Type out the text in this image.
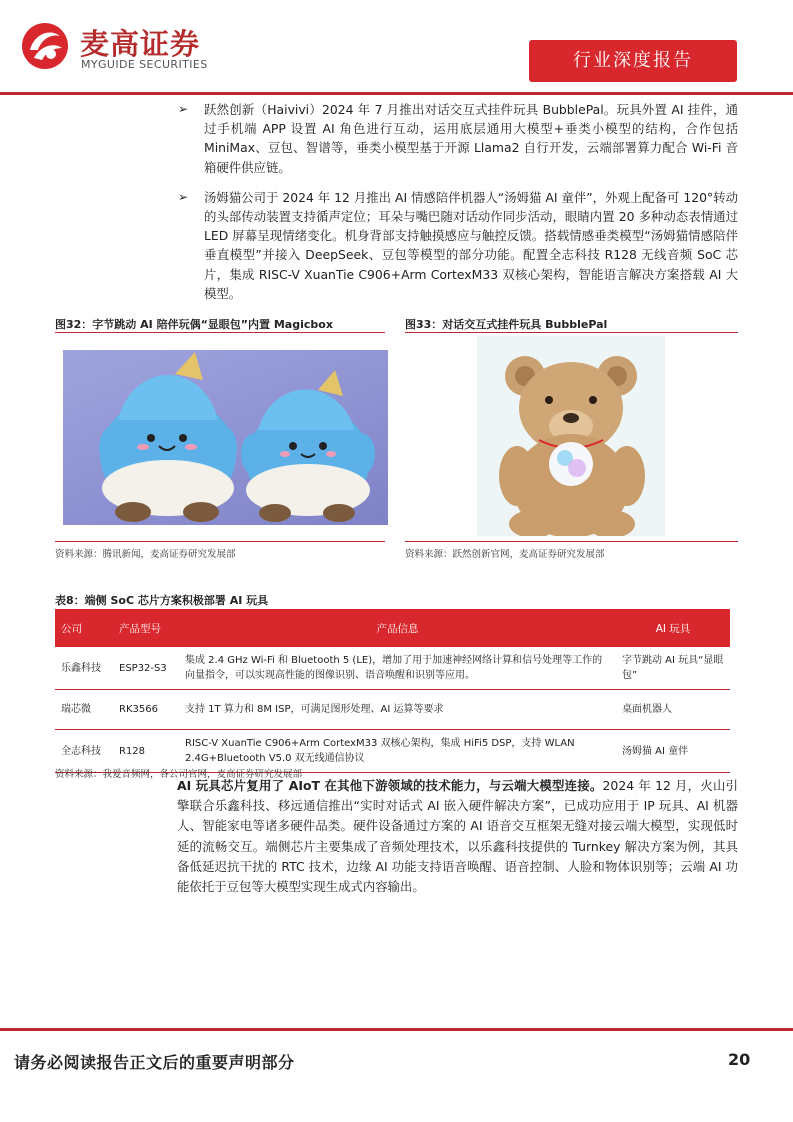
麦高证券
MYGUIDE SECURITIES	行业深度报告
➢ 跃然创新（Haivivi）2024 年 7 月推出对话交互式挂件玩具 BubblePal。玩具外置 AI 挂件，通过手机端 APP 设置 AI 角色进行互动，运用底层通用大模型+垂类小模型的结构，合作包括 MiniMax、豆包、智谱等，垂类小模型基于开源 Llama2 自行开发，云端部署算力配合 Wi-Fi 音箱硬件供应链。
➢ 汤姆猫公司于 2024 年 12 月推出 AI 情感陪伴机器人“汤姆猫 AI 童伴”，外观上配备可 120°转动的头部传动装置支持循声定位；耳朵与嘴巴随对话动作同步活动，眼睛内置 20 多种动态表情通过 LED 屏幕呈现情绪变化。机身背部支持触摸感应与触控反馈。搭载情感垂类模型“汤姆猫情感陪伴垂直模型”并接入 DeepSeek、豆包等模型的部分功能。配置全志科技 R128 无线音频 SoC 芯片，集成 RISC-V XuanTie C906+Arm CortexM33 双核心架构，智能语言解决方案搭载 AI 大模型。
图32：字节跳动 AI 陪伴玩偶“显眼包”内置 Magicbox
资料来源：腾讯新闻，麦高证券研究发展部
图33：对话交互式挂件玩具 BubblePal
资料来源：跃然创新官网，麦高证券研究发展部
表8：端侧 SoC 芯片方案积极部署 AI 玩具
公司	产品型号	产品信息	AI 玩具
乐鑫科技	ESP32-S3	集成 2.4 GHz Wi-Fi 和 Bluetooth 5 (LE)，增加了用于加速神经网络计算和信号处理等工作的向量指令，可以实现高性能的图像识别、语音唤醒和识别等应用。	字节跳动 AI 玩具“显眼包”
瑞芯微	RK3566	支持 1T 算力和 8M ISP，可满足图形处理、AI 运算等要求	桌面机器人
全志科技	R128	RISC-V XuanTie C906+Arm CortexM33 双核心架构，集成 HiFi5 DSP，支持 WLAN 2.4G+Bluetooth V5.0 双无线通信协议	汤姆猫 AI 童伴
资料来源：我爱音频网，各公司官网，麦高证券研究发展部
AI 玩具芯片复用了 AIoT 在其他下游领域的技术能力，与云端大模型连接。2024 年 12 月，火山引擎联合乐鑫科技、移远通信推出“实时对话式 AI 嵌入硬件解决方案”，已成功应用于 IP 玩具、AI 机器人、智能家电等诸多硬件品类。硬件设备通过方案的 AI 语音交互框架无缝对接云端大模型，实现低时延的流畅交互。端侧芯片主要集成了音频处理技术，以乐鑫科技提供的 Turnkey 解决方案为例，其具备低延迟抗干扰的 RTC 技术，边缘 AI 功能支持语音唤醒、语音控制、人脸和物体识别等；云端 AI 功能依托于豆包等大模型实现生成式内容输出。
请务必阅读报告正文后的重要声明部分	20
